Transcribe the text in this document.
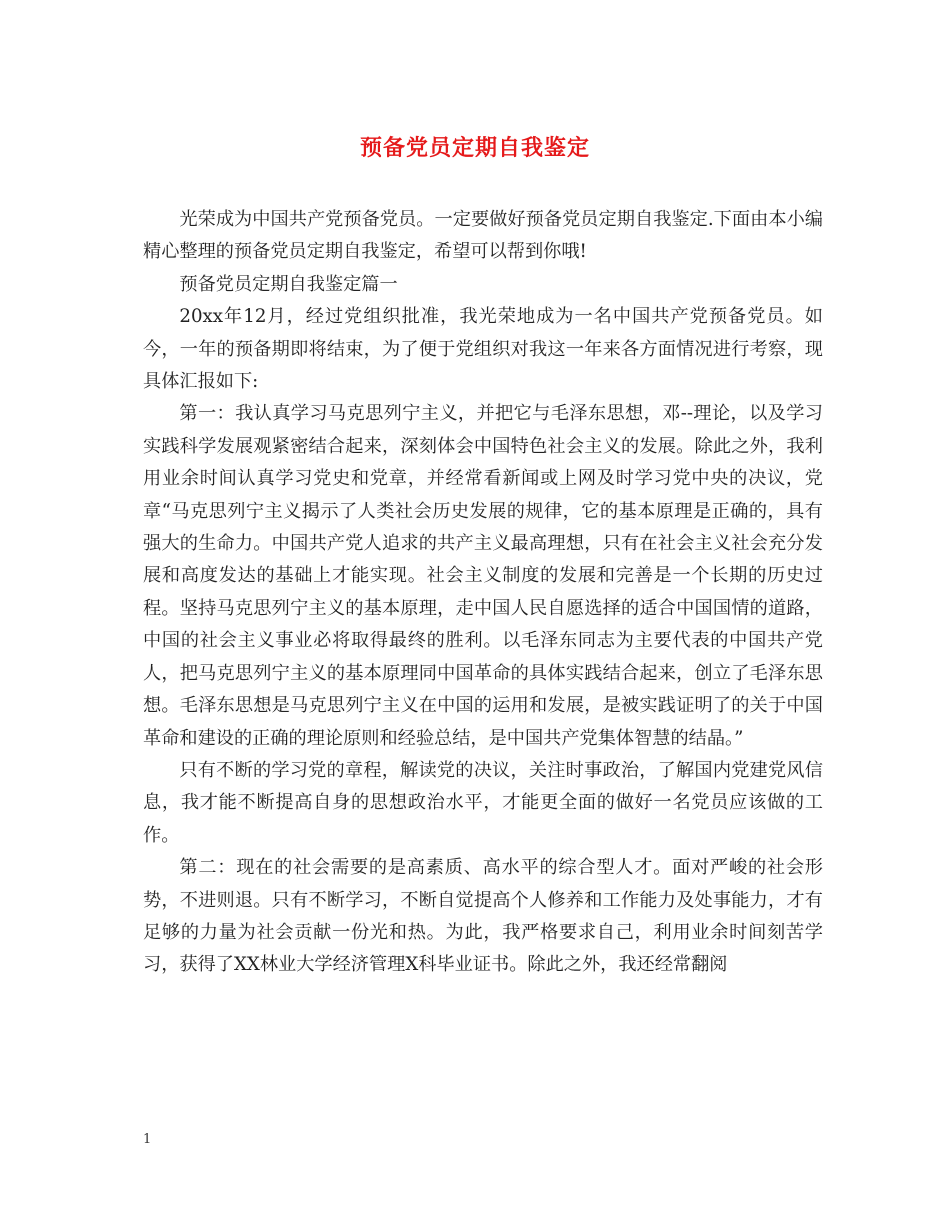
预备党员定期自我鉴定

光荣成为中国共产党预备党员。一定要做好预备党员定期自我鉴定.下面由本小编精心整理的预备党员定期自我鉴定，希望可以帮到你哦!

预备党员定期自我鉴定篇一

20xx年12月，经过党组织批准，我光荣地成为一名中国共产党预备党员。如今，一年的预备期即将结束，为了便于党组织对我这一年来各方面情况进行考察，现具体汇报如下:

第一：我认真学习马克思列宁主义，并把它与毛泽东思想，邓--理论，以及学习实践科学发展观紧密结合起来，深刻体会中国特色社会主义的发展。除此之外，我利用业余时间认真学习党史和党章，并经常看新闻或上网及时学习党中央的决议，党章“马克思列宁主义揭示了人类社会历史发展的规律，它的基本原理是正确的，具有强大的生命力。中国共产党人追求的共产主义最高理想，只有在社会主义社会充分发展和高度发达的基础上才能实现。社会主义制度的发展和完善是一个长期的历史过程。坚持马克思列宁主义的基本原理，走中国人民自愿选择的适合中国国情的道路，中国的社会主义事业必将取得最终的胜利。以毛泽东同志为主要代表的中国共产党人，把马克思列宁主义的基本原理同中国革命的具体实践结合起来，创立了毛泽东思想。毛泽东思想是马克思列宁主义在中国的运用和发展，是被实践证明了的关于中国革命和建设的正确的理论原则和经验总结，是中国共产党集体智慧的结晶。”

只有不断的学习党的章程，解读党的决议，关注时事政治，了解国内党建党风信息，我才能不断提高自身的思想政治水平，才能更全面的做好一名党员应该做的工作。

第二：现在的社会需要的是高素质、高水平的综合型人才。面对严峻的社会形势，不进则退。只有不断学习，不断自觉提高个人修养和工作能力及处事能力，才有足够的力量为社会贡献一份光和热。为此，我严格要求自己，利用业余时间刻苦学习，获得了XX林业大学经济管理X科毕业证书。除此之外，我还经常翻阅

1
